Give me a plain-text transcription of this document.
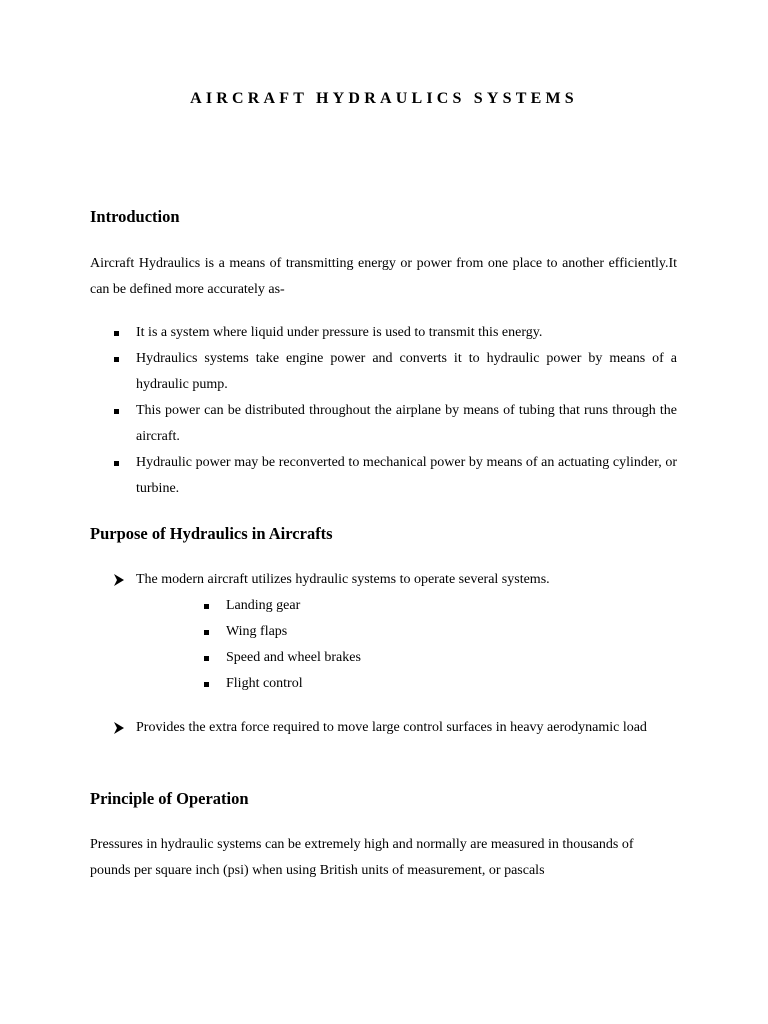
AIRCRAFT HYDRAULICS SYSTEMS
Introduction

Aircraft Hydraulics is a means of transmitting energy or power from one place to another efficiently.It can be defined more accurately as-

It is a system where liquid under pressure is used to transmit this energy.
Hydraulics systems take engine power and converts it to hydraulic power by means of a hydraulic pump.
This power can be distributed throughout the airplane by means of tubing that runs through the aircraft.
Hydraulic power may be reconverted to mechanical power by means of an actuating cylinder, or turbine.
Purpose of Hydraulics in Aircrafts
The modern aircraft utilizes hydraulic systems to operate several systems.
Landing gear
Wing flaps
Speed and wheel brakes
Flight control
Provides the extra force required to move large control surfaces in heavy aerodynamic load
Principle of Operation

Pressures in hydraulic systems can be extremely high and normally are measured in thousands of pounds per square inch (psi) when using British units of measurement, or pascals
